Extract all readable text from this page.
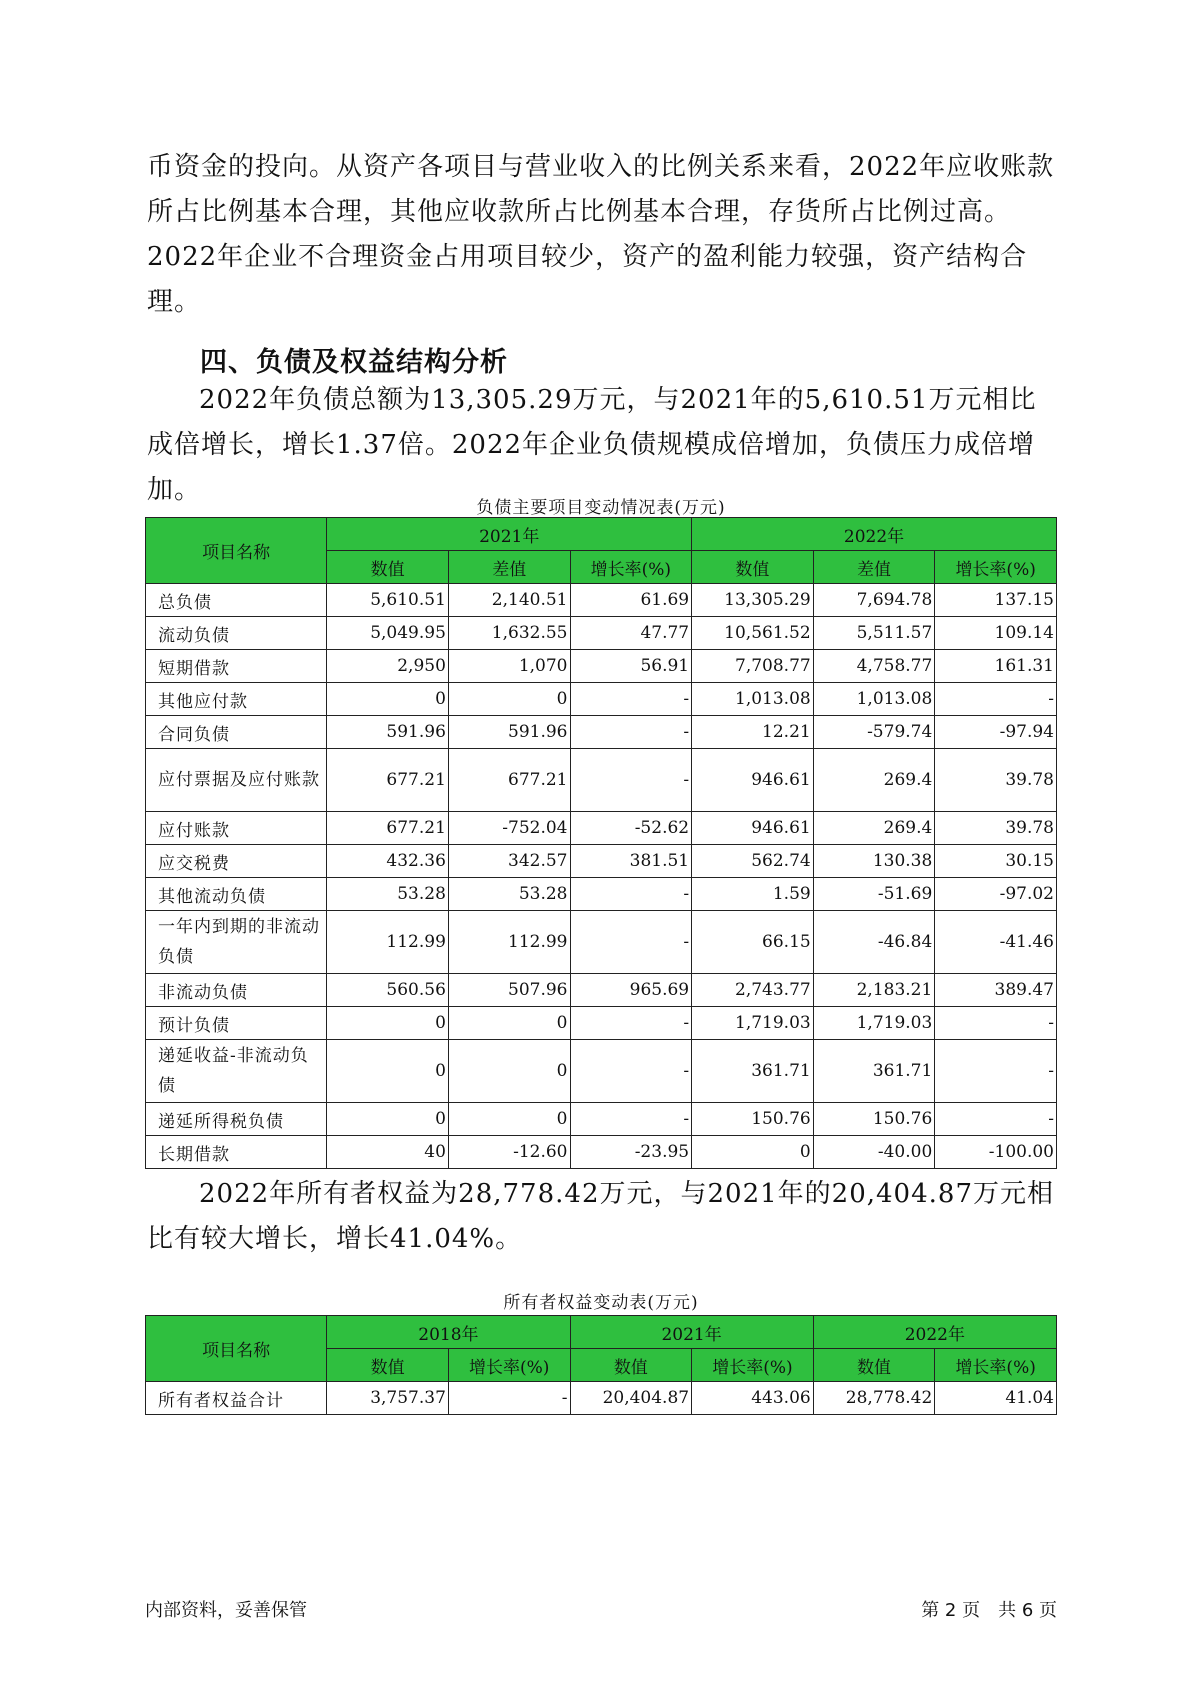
币资金的投向。从资产各项目与营业收入的比例关系来看，2022年应收账款所占比例基本合理，其他应收款所占比例基本合理，存货所占比例过高。2022年企业不合理资金占用项目较少，资产的盈利能力较强，资产结构合理。

四、负债及权益结构分析

2022年负债总额为13,305.29万元，与2021年的5,610.51万元相比成倍增长，增长1.37倍。2022年企业负债规模成倍增加，负债压力成倍增加。

负债主要项目变动情况表(万元)

项目名称	2021年			2022年		
	数值	差值	增长率(%)	数值	差值	增长率(%)
总负债	5,610.51	2,140.51	61.69	13,305.29	7,694.78	137.15
流动负债	5,049.95	1,632.55	47.77	10,561.52	5,511.57	109.14
短期借款	2,950	1,070	56.91	7,708.77	4,758.77	161.31
其他应付款	0	0	-	1,013.08	1,013.08	-
合同负债	591.96	591.96	-	12.21	-579.74	-97.94
应付票据及应付账款	677.21	677.21	-	946.61	269.4	39.78
应付账款	677.21	-752.04	-52.62	946.61	269.4	39.78
应交税费	432.36	342.57	381.51	562.74	130.38	30.15
其他流动负债	53.28	53.28	-	1.59	-51.69	-97.02
一年内到期的非流动负债	112.99	112.99	-	66.15	-46.84	-41.46
非流动负债	560.56	507.96	965.69	2,743.77	2,183.21	389.47
预计负债	0	0	-	1,719.03	1,719.03	-
递延收益-非流动负债	0	0	-	361.71	361.71	-
递延所得税负债	0	0	-	150.76	150.76	-
长期借款	40	-12.60	-23.95	0	-40.00	-100.00

2022年所有者权益为28,778.42万元，与2021年的20,404.87万元相比有较大增长，增长41.04%。

所有者权益变动表(万元)

项目名称	2018年		2021年		2022年	
	数值	增长率(%)	数值	增长率(%)	数值	增长率(%)
所有者权益合计	3,757.37	-	20,404.87	443.06	28,778.42	41.04

内部资料，妥善保管	第 2 页　共 6 页
